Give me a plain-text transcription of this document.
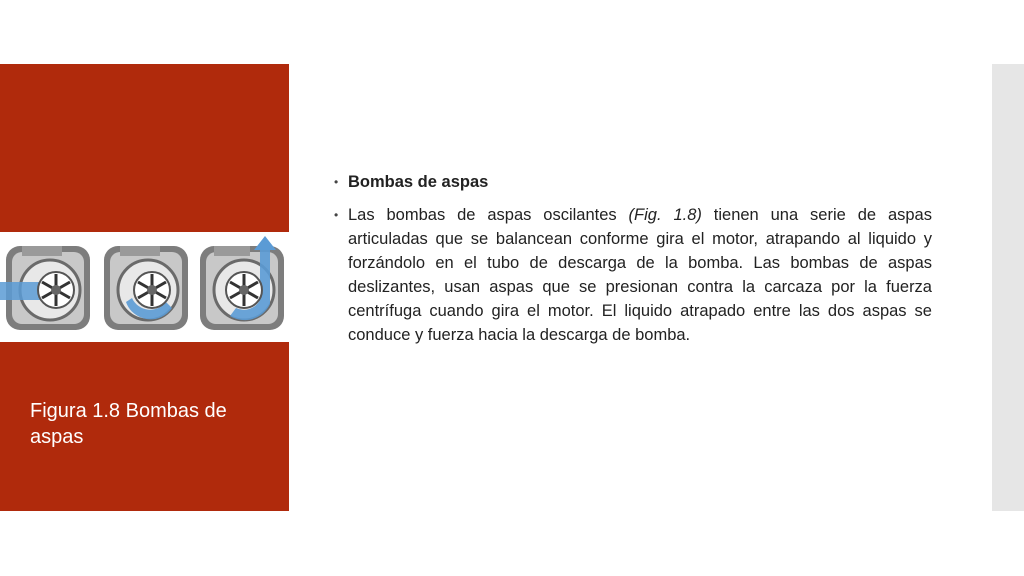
Figura 1.8 Bombas de aspas
• Bombas de aspas
• Las bombas de aspas oscilantes (Fig. 1.8) tienen una serie de aspas articuladas que se balancean conforme gira el motor, atrapando al liquido y forzándolo en el tubo de descarga de la bomba. Las bombas de aspas deslizantes, usan aspas que se presionan contra la carcaza por la fuerza centrífuga cuando gira el motor. El liquido atrapado entre las dos aspas se conduce y fuerza hacia la descarga de bomba.
